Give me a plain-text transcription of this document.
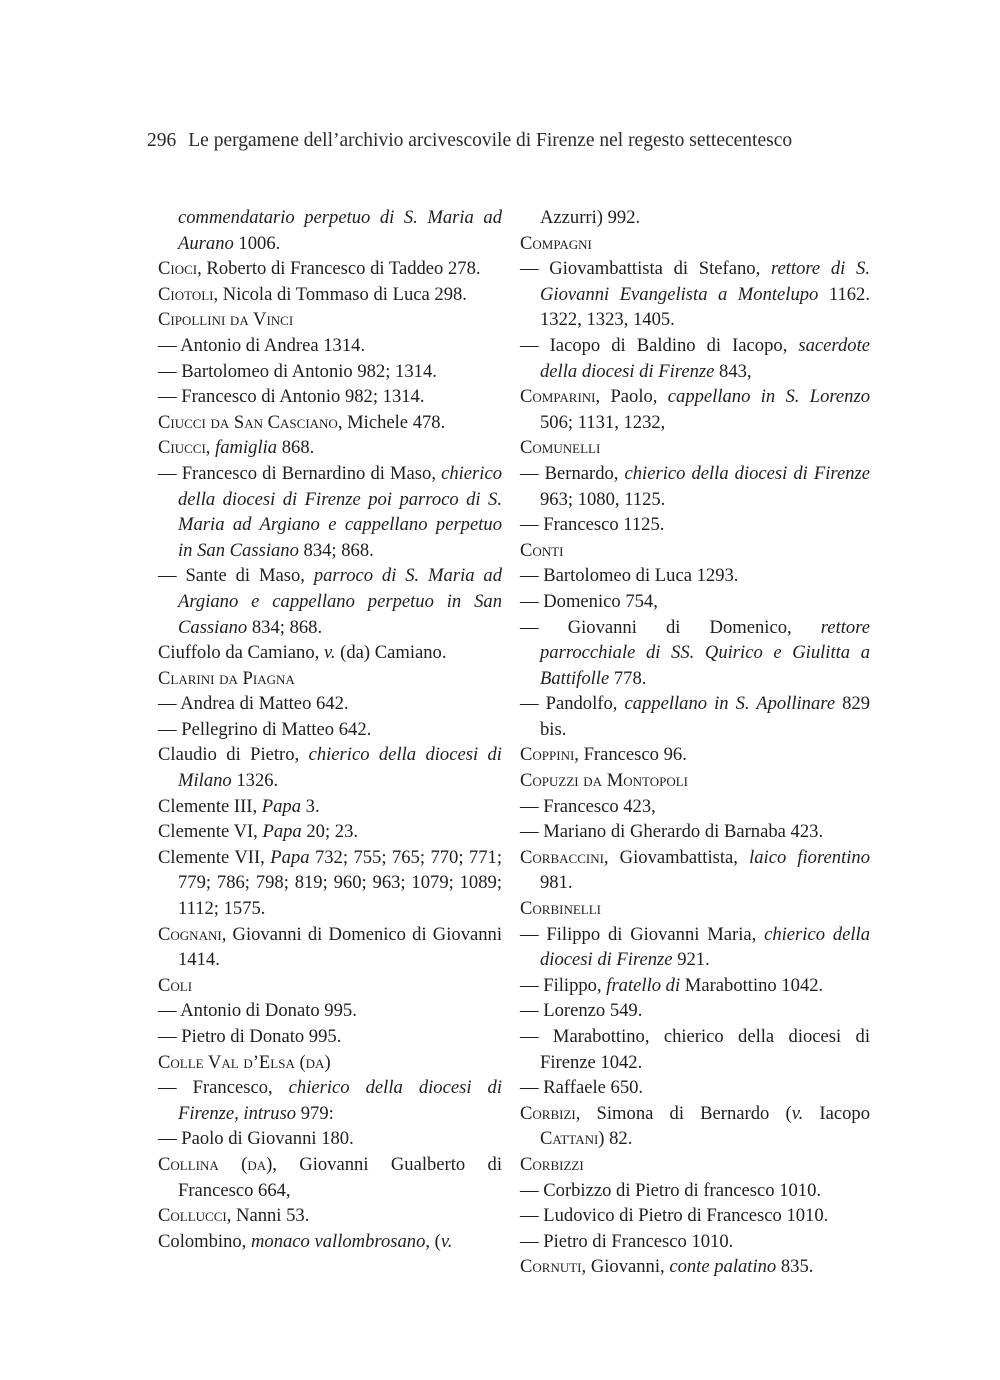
296 Le pergamene dell’archivio arcivescovile di Firenze nel regesto settecentesco
commendatario perpetuo di S. Maria ad Aurano 1006.
Cioci, Roberto di Francesco di Taddeo 278.
Ciotoli, Nicola di Tommaso di Luca 298.
Cipollini da Vinci
— Antonio di Andrea 1314.
— Bartolomeo di Antonio 982; 1314.
— Francesco di Antonio 982; 1314.
Ciucci da San Casciano, Michele 478.
Ciucci, famiglia 868.
— Francesco di Bernardino di Maso, chierico della diocesi di Firenze poi parroco di S. Maria ad Argiano e cappellano perpetuo in San Cassiano 834; 868.
— Sante di Maso, parroco di S. Maria ad Argiano e cappellano perpetuo in San Cassiano 834; 868.
Ciuffolo da Camiano, v. (da) Camiano.
Clarini da Piagna
— Andrea di Matteo 642.
— Pellegrino di Matteo 642.
Claudio di Pietro, chierico della diocesi di Milano 1326.
Clemente III, Papa 3.
Clemente VI, Papa 20; 23.
Clemente VII, Papa 732; 755; 765; 770; 771; 779; 786; 798; 819; 960; 963; 1079; 1089; 1112; 1575.
Cognani, Giovanni di Domenico di Giovanni 1414.
Coli
— Antonio di Donato 995.
— Pietro di Donato 995.
Colle Val d’Elsa (da)
— Francesco, chierico della diocesi di Firenze, intruso 979:
— Paolo di Giovanni 180.
Collina (da), Giovanni Gualberto di Francesco 664,
Collucci, Nanni 53.
Colombino, monaco vallombrosano, (v.
Azzurri) 992.
Compagni
— Giovambattista di Stefano, rettore di S. Giovanni Evangelista a Montelupo 1162. 1322, 1323, 1405.
— Iacopo di Baldino di Iacopo, sacerdote della diocesi di Firenze 843,
Comparini, Paolo, cappellano in S. Lorenzo 506; 1131, 1232,
Comunelli
— Bernardo, chierico della diocesi di Firenze 963; 1080, 1125.
— Francesco 1125.
Conti
— Bartolomeo di Luca 1293.
— Domenico 754,
— Giovanni di Domenico, rettore parrocchiale di SS. Quirico e Giulitta a Battifolle 778.
— Pandolfo, cappellano in S. Apollinare 829 bis.
Coppini, Francesco 96.
Copuzzi da Montopoli
— Francesco 423,
— Mariano di Gherardo di Barnaba 423.
Corbaccini, Giovambattista, laico fiorentino 981.
Corbinelli
— Filippo di Giovanni Maria, chierico della diocesi di Firenze 921.
— Filippo, fratello di Marabottino 1042.
— Lorenzo 549.
— Marabottino, chierico della diocesi di Firenze 1042.
— Raffaele 650.
Corbizi, Simona di Bernardo (v. Iacopo Cattani) 82.
Corbizzi
— Corbizzo di Pietro di francesco 1010.
— Ludovico di Pietro di Francesco 1010.
— Pietro di Francesco 1010.
Cornuti, Giovanni, conte palatino 835.
